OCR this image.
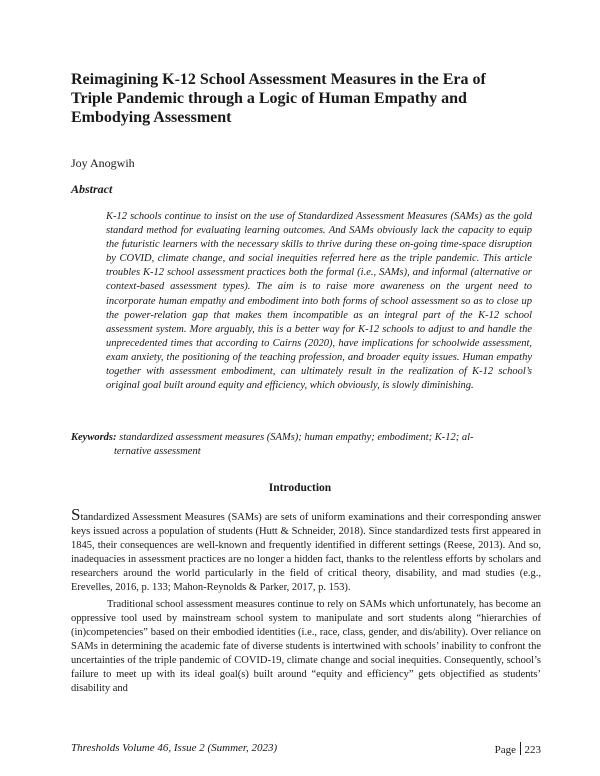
Reimagining K-12 School Assessment Measures in the Era of Triple Pandemic through a Logic of Human Empathy and Embodying Assessment

Joy Anogwih

Abstract

K-12 schools continue to insist on the use of Standardized Assessment Measures (SAMs) as the gold standard method for evaluating learning outcomes. And SAMs obviously lack the capacity to equip the futuristic learners with the necessary skills to thrive during these on-going time-space disruption by COVID, climate change, and social inequities referred here as the triple pandemic. This article troubles K-12 school assessment practices both the formal (i.e., SAMs), and informal (alternative or context-based assessment types). The aim is to raise more awareness on the urgent need to incorporate human empathy and embodiment into both forms of school assessment so as to close up the power-relation gap that makes them incompatible as an integral part of the K-12 school assessment system. More arguably, this is a better way for K-12 schools to adjust to and handle the unprecedented times that according to Cairns (2020), have implications for schoolwide assessment, exam anxiety, the positioning of the teaching profession, and broader equity issues. Human empathy together with assessment embodiment, can ultimately result in the realization of K-12 school’s original goal built around equity and efficiency, which obviously, is slowly diminishing.

Keywords: standardized assessment measures (SAMs); human empathy; embodiment; K-12; al-
ternative assessment
Introduction

Standardized Assessment Measures (SAMs) are sets of uniform examinations and their corresponding answer keys issued across a population of students (Hutt & Schneider, 2018). Since standardized tests first appeared in 1845, their consequences are well-known and frequently identified in different settings (Reese, 2013). And so, inadequacies in assessment practices are no longer a hidden fact, thanks to the relentless efforts by scholars and researchers around the world particularly in the field of critical theory, disability, and mad studies (e.g., Erevelles, 2016, p. 133; Mahon-Reynolds & Parker, 2017, p. 153).

Traditional school assessment measures continue to rely on SAMs which unfortunately, has become an oppressive tool used by mainstream school system to manipulate and sort students along “hierarchies of (in)competencies” based on their embodied identities (i.e., race, class, gender, and dis/ability). Over reliance on SAMs in determining the academic fate of diverse students is intertwined with schools’ inability to confront the uncertainties of the triple pandemic of COVID-19, climate change and social inequities. Consequently, school’s failure to meet up with its ideal goal(s) built around “equity and efficiency” gets objectified as students’ disability and

Thresholds Volume 46, Issue 2 (Summer, 2023)	Page 223
